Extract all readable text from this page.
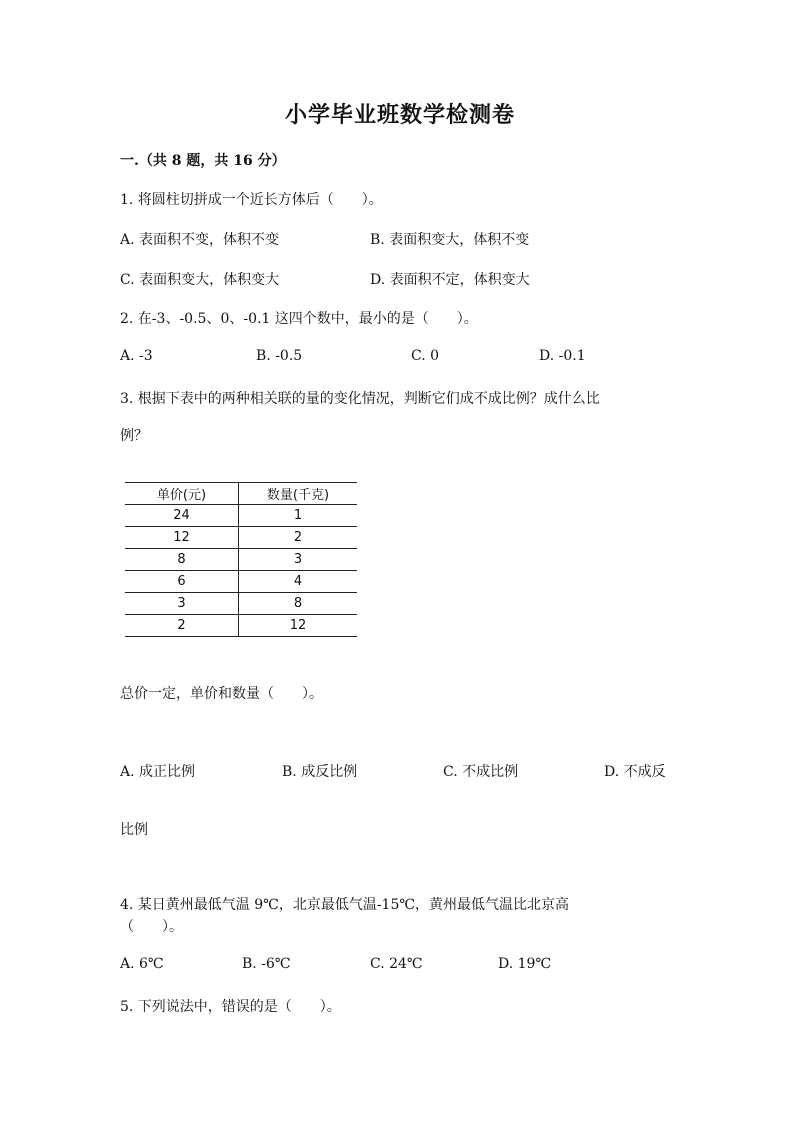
小学毕业班数学检测卷
一.（共 8 题，共 16 分）
1. 将圆柱切拼成一个近长方体后（　　）。
A. 表面积不变，体积不变	B. 表面积变大，体积不变
C. 表面积变大，体积变大	D. 表面积不定，体积变大
2. 在-3、-0.5、0、-0.1 这四个数中，最小的是（　　）。
A. -3	B. -0.5	C. 0	D. -0.1
3. 根据下表中的两种相关联的量的变化情况，判断它们成不成比例？成什么比
例？
单价(元)	数量(千克)
24	1
12	2
8	3
6	4
3	8
2	12
总价一定，单价和数量（　　）。
A. 成正比例	B. 成反比例	C. 不成比例	D. 不成反
比例
4. 某日黄州最低气温 9℃，北京最低气温-15℃，黄州最低气温比北京高
（　　）。
A. 6℃	B. -6℃	C. 24℃	D. 19℃
5. 下列说法中，错误的是（　　）。
